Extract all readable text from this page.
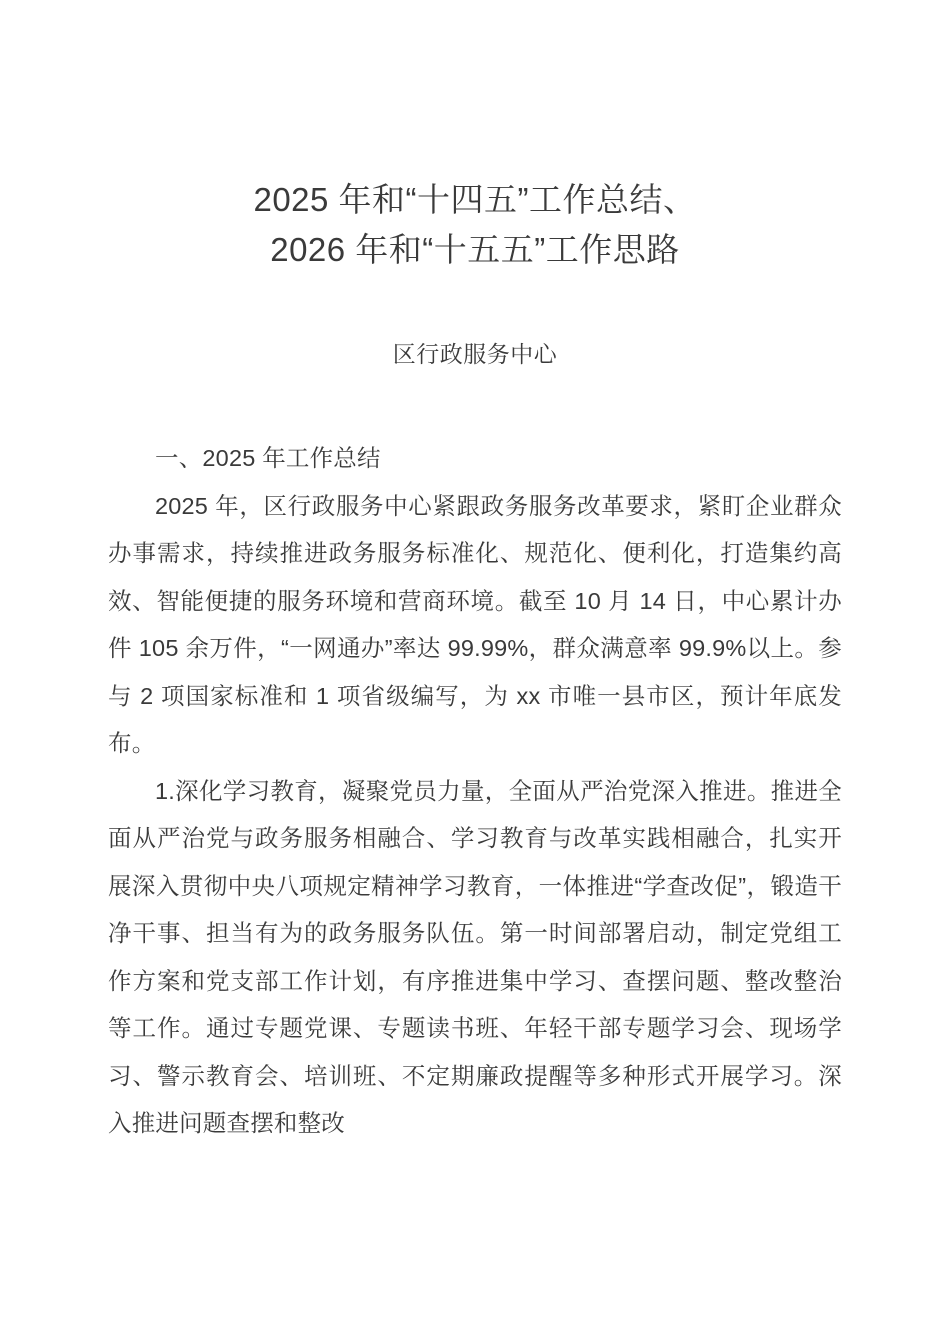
2025 年和“十四五”工作总结、
2026 年和“十五五”工作思路

区行政服务中心

一、2025 年工作总结

2025 年，区行政服务中心紧跟政务服务改革要求，紧盯企业群众办事需求，持续推进政务服务标准化、规范化、便利化，打造集约高效、智能便捷的服务环境和营商环境。截至 10 月 14 日，中心累计办件 105 余万件，“一网通办”率达 99.99%，群众满意率 99.9%以上。参与 2 项国家标准和 1 项省级编写，为 xx 市唯一县市区，预计年底发布。

1.深化学习教育，凝聚党员力量，全面从严治党深入推进。推进全面从严治党与政务服务相融合、学习教育与改革实践相融合，扎实开展深入贯彻中央八项规定精神学习教育，一体推进“学查改促”，锻造干净干事、担当有为的政务服务队伍。第一时间部署启动，制定党组工作方案和党支部工作计划，有序推进集中学习、查摆问题、整改整治等工作。通过专题党课、专题读书班、年轻干部专题学习会、现场学习、警示教育会、培训班、不定期廉政提醒等多种形式开展学习。深入推进问题查摆和整改
